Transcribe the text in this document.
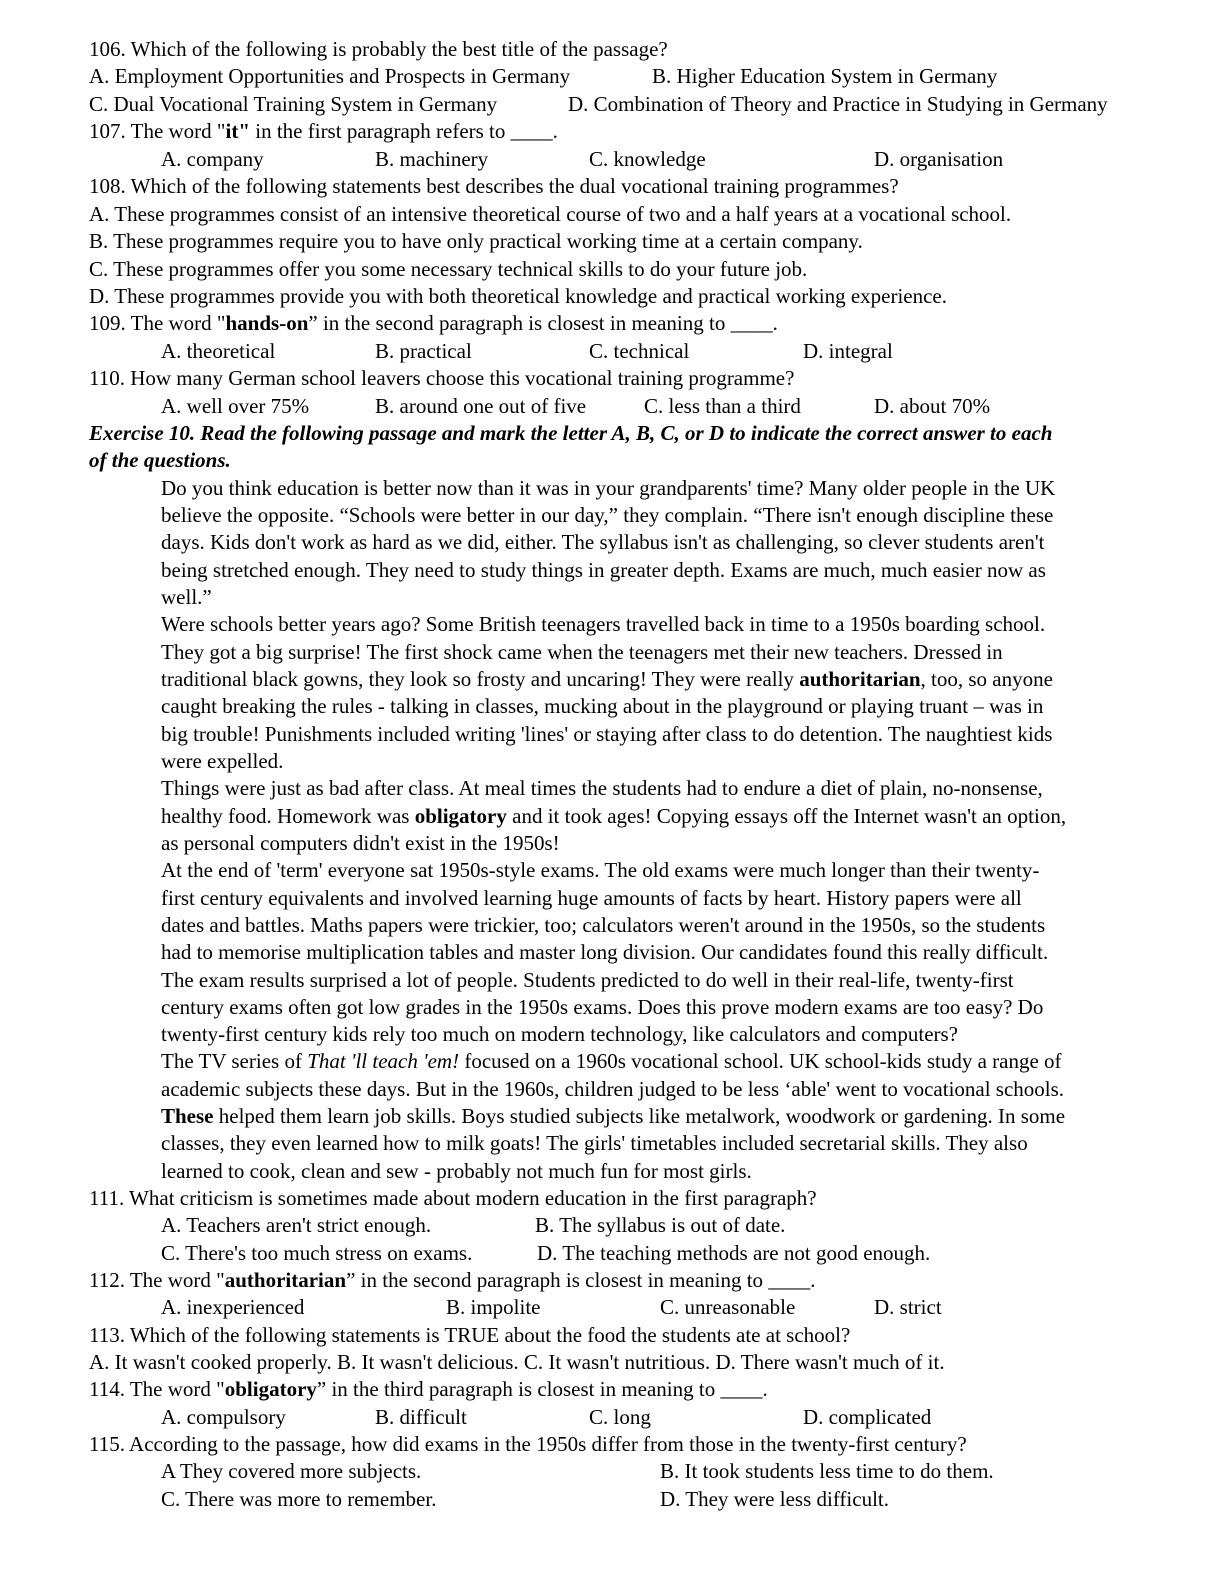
106. Which of the following is probably the best title of the passage?
A. Employment Opportunities and Prospects in Germany	B. Higher Education System in Germany
C. Dual Vocational Training System in Germany	D. Combination of Theory and Practice in Studying in Germany
107. The word "it" in the first paragraph refers to ____.
A. company	B. machinery	C. knowledge	D. organisation
108. Which of the following statements best describes the dual vocational training programmes?
A. These programmes consist of an intensive theoretical course of two and a half years at a vocational school.
B. These programmes require you to have only practical working time at a certain company.
C. These programmes offer you some necessary technical skills to do your future job.
D. These programmes provide you with both theoretical knowledge and practical working experience.
109. The word "hands-on” in the second paragraph is closest in meaning to ____.
A. theoretical	B. practical	C. technical	D. integral
110. How many German school leavers choose this vocational training programme?
A. well over 75%	B. around one out of five	C. less than a third	D. about 70%
Exercise 10. Read the following passage and mark the letter A, B, C, or D to indicate the correct answer to each
of the questions.
Do you think education is better now than it was in your grandparents' time? Many older people in the UK
believe the opposite. “Schools were better in our day,” they complain. “There isn't enough discipline these
days. Kids don't work as hard as we did, either. The syllabus isn't as challenging, so clever students aren't
being stretched enough. They need to study things in greater depth. Exams are much, much easier now as
well.”
Were schools better years ago? Some British teenagers travelled back in time to a 1950s boarding school.
They got a big surprise! The first shock came when the teenagers met their new teachers. Dressed in
traditional black gowns, they look so frosty and uncaring! They were really authoritarian, too, so anyone
caught breaking the rules - talking in classes, mucking about in the playground or playing truant – was in
big trouble! Punishments included writing 'lines' or staying after class to do detention. The naughtiest kids
were expelled.
Things were just as bad after class. At meal times the students had to endure a diet of plain, no-nonsense,
healthy food. Homework was obligatory and it took ages! Copying essays off the Internet wasn't an option,
as personal computers didn't exist in the 1950s!
At the end of 'term' everyone sat 1950s-style exams. The old exams were much longer than their twenty-
first century equivalents and involved learning huge amounts of facts by heart. History papers were all
dates and battles. Maths papers were trickier, too; calculators weren't around in the 1950s, so the students
had to memorise multiplication tables and master long division. Our candidates found this really difficult.
The exam results surprised a lot of people. Students predicted to do well in their real-life, twenty-first
century exams often got low grades in the 1950s exams. Does this prove modern exams are too easy? Do
twenty-first century kids rely too much on modern technology, like calculators and computers?
The TV series of That 'll teach 'em! focused on a 1960s vocational school. UK school-kids study a range of
academic subjects these days. But in the 1960s, children judged to be less ‘able' went to vocational schools.
These helped them learn job skills. Boys studied subjects like metalwork, woodwork or gardening. In some
classes, they even learned how to milk goats! The girls' timetables included secretarial skills. They also
learned to cook, clean and sew - probably not much fun for most girls.
111. What criticism is sometimes made about modern education in the first paragraph?
A. Teachers aren't strict enough.	B. The syllabus is out of date.
C. There's too much stress on exams.	D. The teaching methods are not good enough.
112. The word "authoritarian” in the second paragraph is closest in meaning to ____.
A. inexperienced	B. impolite	C. unreasonable	D. strict
113. Which of the following statements is TRUE about the food the students ate at school?
A. It wasn't cooked properly. B. It wasn't delicious. C. It wasn't nutritious. D. There wasn't much of it.
114. The word "obligatory” in the third paragraph is closest in meaning to ____.
A. compulsory	B. difficult	C. long	D. complicated
115. According to the passage, how did exams in the 1950s differ from those in the twenty-first century?
A They covered more subjects.	B. It took students less time to do them.
C. There was more to remember.	D. They were less difficult.
